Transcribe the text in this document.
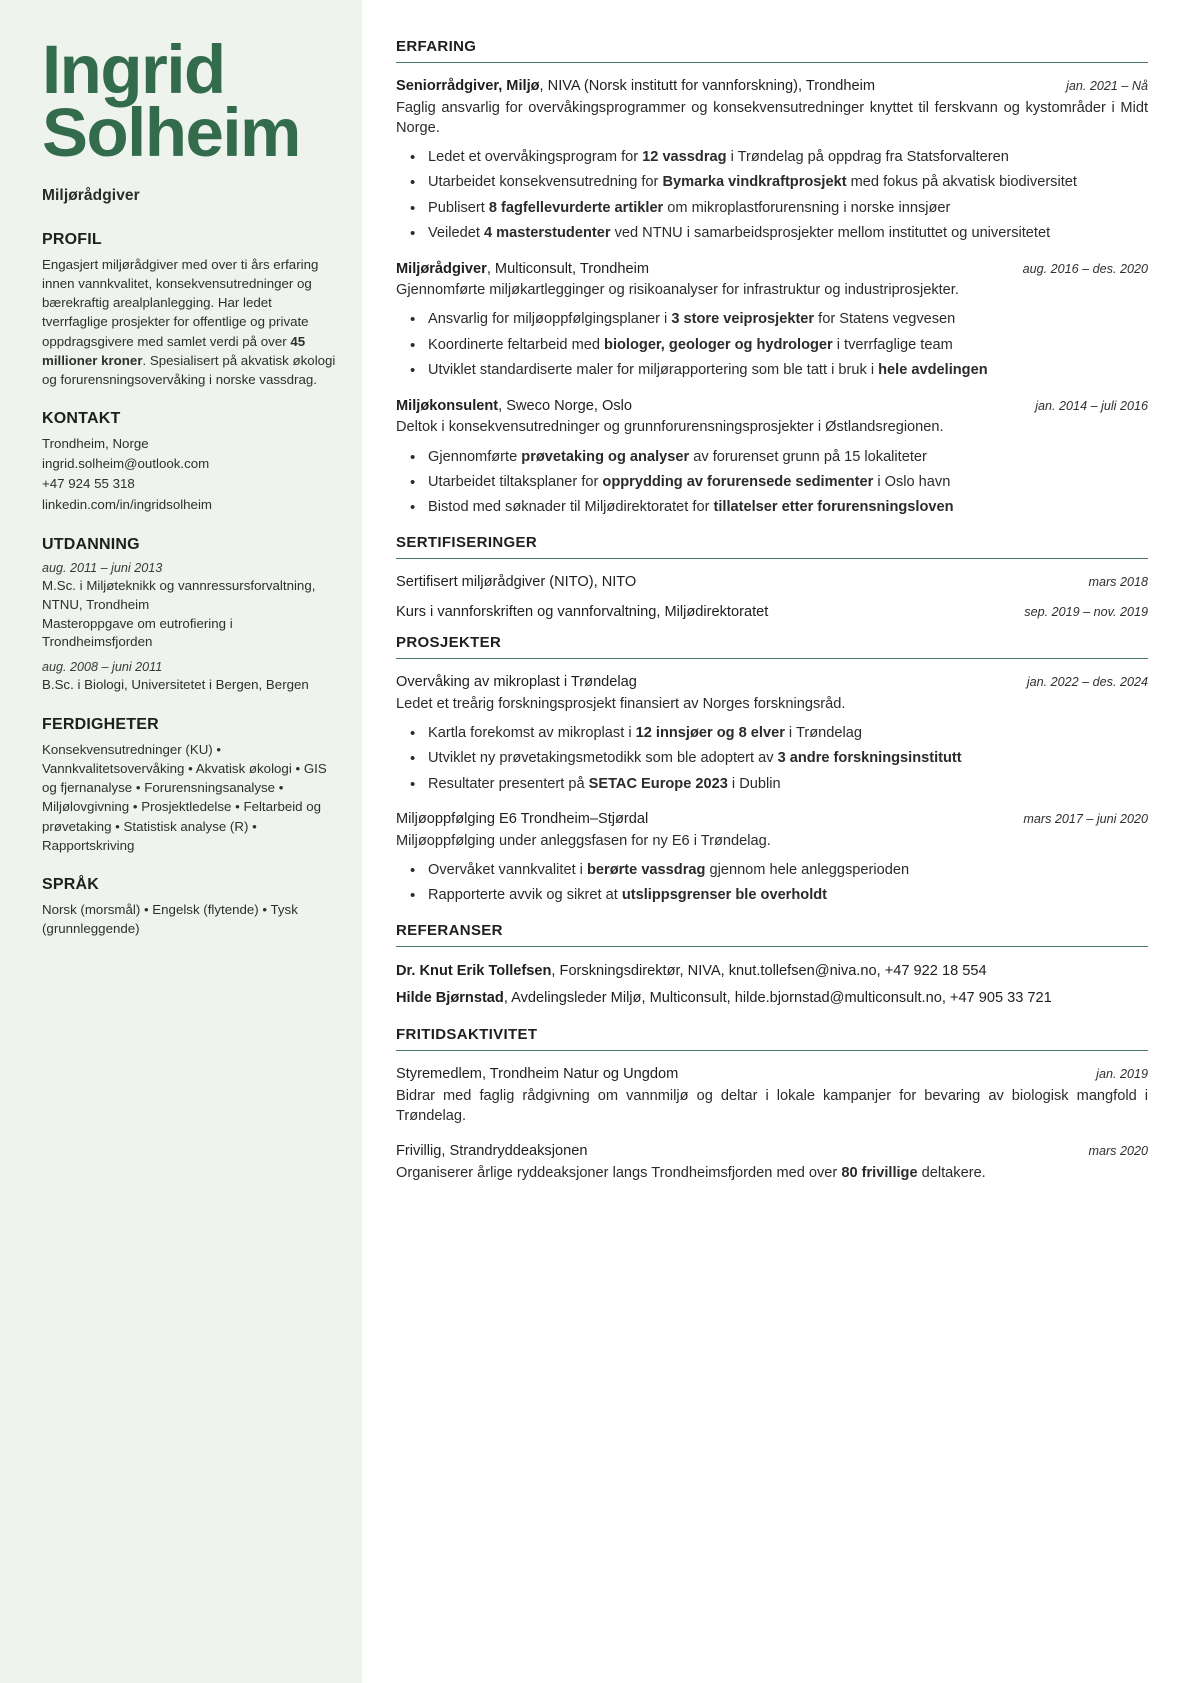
Ingrid
Solheim
Miljørådgiver
PROFIL

Engasjert miljørådgiver med over ti års erfaring innen vannkvalitet, konsekvensutredninger og bærekraftig arealplanlegging. Har ledet tverrfaglige prosjekter for offentlige og private oppdragsgivere med samlet verdi på over 45 millioner kroner. Spesialisert på akvatisk økologi og forurensningsovervåking i norske vassdrag.

KONTAKT
Trondheim, Norge
ingrid.solheim@outlook.com
+47 924 55 318
linkedin.com/in/ingridsolheim
UTDANNING
aug. 2011 – juni 2013
M.Sc. i Miljøteknikk og vannressursforvaltning, NTNU, Trondheim
Masteroppgave om eutrofiering i Trondheimsfjorden
aug. 2008 – juni 2011
B.Sc. i Biologi, Universitetet i Bergen, Bergen
FERDIGHETER

Konsekvensutredninger (KU) • Vannkvalitetsovervåking • Akvatisk økologi • GIS og fjernanalyse • Forurensningsanalyse • Miljølovgivning • Prosjektledelse • Feltarbeid og prøvetaking • Statistisk analyse (R) • Rapportskriving

SPRÅK

Norsk (morsmål) • Engelsk (flytende) • Tysk (grunnleggende)

ERFARING
Seniorrådgiver, Miljø, NIVA (Norsk institutt for vannforskning), Trondheim	jan. 2021 – Nå

Faglig ansvarlig for overvåkingsprogrammer og konsekvensutredninger knyttet til ferskvann og kystområder i Midt Norge.

• Ledet et overvåkingsprogram for 12 vassdrag i Trøndelag på oppdrag fra Statsforvalteren
• Utarbeidet konsekvensutredning for Bymarka vindkraftprosjekt med fokus på akvatisk biodiversitet
• Publisert 8 fagfellevurderte artikler om mikroplastforurensning i norske innsjøer
• Veiledet 4 masterstudenter ved NTNU i samarbeidsprosjekter mellom instituttet og universitetet
Miljørådgiver, Multiconsult, Trondheim	aug. 2016 – des. 2020

Gjennomførte miljøkartlegginger og risikoanalyser for infrastruktur og industriprosjekter.

• Ansvarlig for miljøoppfølgingsplaner i 3 store veiprosjekter for Statens vegvesen
• Koordinerte feltarbeid med biologer, geologer og hydrologer i tverrfaglige team
• Utviklet standardiserte maler for miljørapportering som ble tatt i bruk i hele avdelingen
Miljøkonsulent, Sweco Norge, Oslo	jan. 2014 – juli 2016

Deltok i konsekvensutredninger og grunnforurensningsprosjekter i Østlandsregionen.

• Gjennomførte prøvetaking og analyser av forurenset grunn på 15 lokaliteter
• Utarbeidet tiltaksplaner for opprydding av forurensede sedimenter i Oslo havn
• Bistod med søknader til Miljødirektoratet for tillatelser etter forurensningsloven
SERTIFISERINGER
Sertifisert miljørådgiver (NITO), NITO	mars 2018
Kurs i vannforskriften og vannforvaltning, Miljødirektoratet	sep. 2019 – nov. 2019
PROSJEKTER
Overvåking av mikroplast i Trøndelag	jan. 2022 – des. 2024

Ledet et treårig forskningsprosjekt finansiert av Norges forskningsråd.

• Kartla forekomst av mikroplast i 12 innsjøer og 8 elver i Trøndelag
• Utviklet ny prøvetakingsmetodikk som ble adoptert av 3 andre forskningsinstitutt
• Resultater presentert på SETAC Europe 2023 i Dublin
Miljøoppfølging E6 Trondheim–Stjørdal	mars 2017 – juni 2020

Miljøoppfølging under anleggsfasen for ny E6 i Trøndelag.

• Overvåket vannkvalitet i berørte vassdrag gjennom hele anleggsperioden
• Rapporterte avvik og sikret at utslippsgrenser ble overholdt
REFERANSER
Dr. Knut Erik Tollefsen, Forskningsdirektør, NIVA, knut.tollefsen@niva.no, +47 922 18 554
Hilde Bjørnstad, Avdelingsleder Miljø, Multiconsult, hilde.bjornstad@multiconsult.no, +47 905 33 721
FRITIDSAKTIVITET
Styremedlem, Trondheim Natur og Ungdom	jan. 2019

Bidrar med faglig rådgivning om vannmiljø og deltar i lokale kampanjer for bevaring av biologisk mangfold i Trøndelag.

Frivillig, Strandryddeaksjonen	mars 2020

Organiserer årlige ryddeaksjoner langs Trondheimsfjorden med over 80 frivillige deltakere.
